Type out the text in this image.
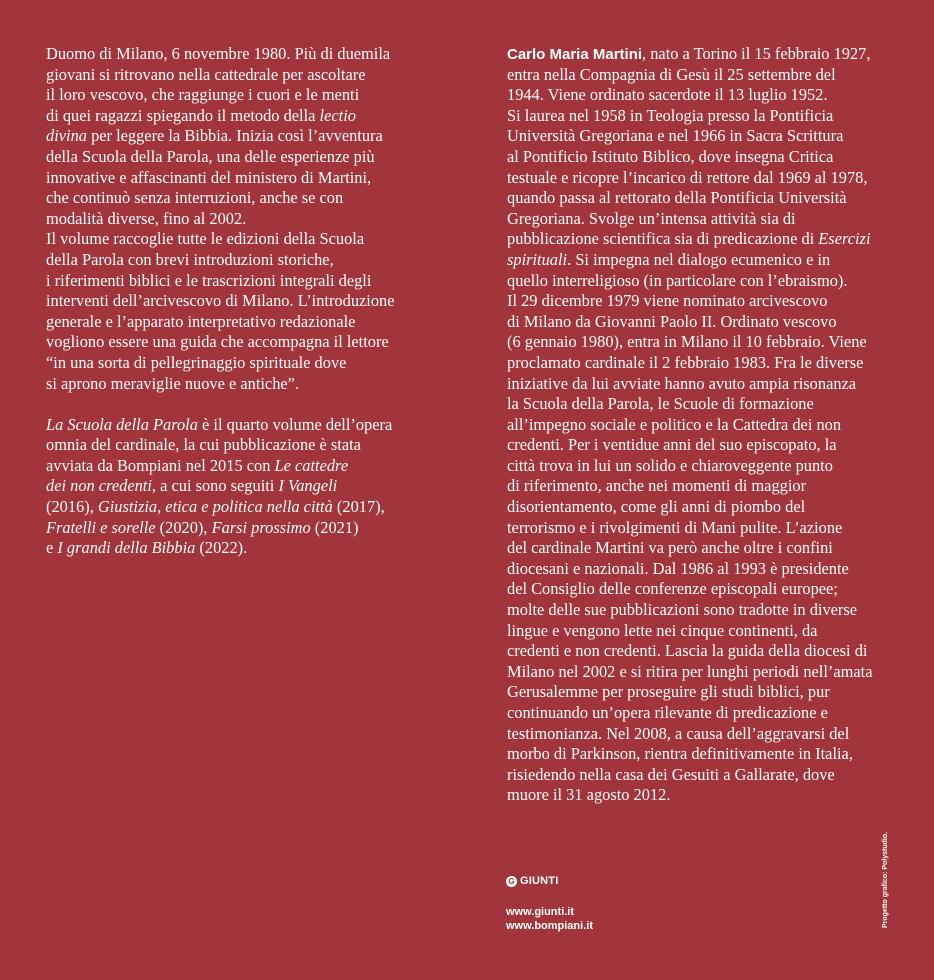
Duomo di Milano, 6 novembre 1980. Più di duemila
giovani si ritrovano nella cattedrale per ascoltare
il loro vescovo, che raggiunge i cuori e le menti
di quei ragazzi spiegando il metodo della lectio
divina per leggere la Bibbia. Inizia così l’avventura
della Scuola della Parola, una delle esperienze più
innovative e affascinanti del ministero di Martini,
che continuò senza interruzioni, anche se con
modalità diverse, fino al 2002.
Il volume raccoglie tutte le edizioni della Scuola
della Parola con brevi introduzioni storiche,
i riferimenti biblici e le trascrizioni integrali degli
interventi dell’arcivescovo di Milano. L’introduzione
generale e l’apparato interpretativo redazionale
vogliono essere una guida che accompagna il lettore
“in una sorta di pellegrinaggio spirituale dove
si aprono meraviglie nuove e antiche”.
La Scuola della Parola è il quarto volume dell’opera
omnia del cardinale, la cui pubblicazione è stata
avviata da Bompiani nel 2015 con Le cattedre
dei non credenti, a cui sono seguiti I Vangeli
(2016), Giustizia, etica e politica nella città (2017),
Fratelli e sorelle (2020), Farsi prossimo (2021)
e I grandi della Bibbia (2022).
Carlo Maria Martini, nato a Torino il 15 febbraio 1927,
entra nella Compagnia di Gesù il 25 settembre del
1944. Viene ordinato sacerdote il 13 luglio 1952.
Si laurea nel 1958 in Teologia presso la Pontificia
Università Gregoriana e nel 1966 in Sacra Scrittura
al Pontificio Istituto Biblico, dove insegna Critica
testuale e ricopre l’incarico di rettore dal 1969 al 1978,
quando passa al rettorato della Pontificia Università
Gregoriana. Svolge un’intensa attività sia di
pubblicazione scientifica sia di predicazione di Esercizi
spirituali. Si impegna nel dialogo ecumenico e in
quello interreligioso (in particolare con l’ebraismo).
Il 29 dicembre 1979 viene nominato arcivescovo
di Milano da Giovanni Paolo II. Ordinato vescovo
(6 gennaio 1980), entra in Milano il 10 febbraio. Viene
proclamato cardinale il 2 febbraio 1983. Fra le diverse
iniziative da lui avviate hanno avuto ampia risonanza
la Scuola della Parola, le Scuole di formazione
all’impegno sociale e politico e la Cattedra dei non
credenti. Per i ventidue anni del suo episcopato, la
città trova in lui un solido e chiaroveggente punto
di riferimento, anche nei momenti di maggior
disorientamento, come gli anni di piombo del
terrorismo e i rivolgimenti di Mani pulite. L’azione
del cardinale Martini va però anche oltre i confini
diocesani e nazionali. Dal 1986 al 1993 è presidente
del Consiglio delle conferenze episcopali europee;
molte delle sue pubblicazioni sono tradotte in diverse
lingue e vengono lette nei cinque continenti, da
credenti e non credenti. Lascia la guida della diocesi di
Milano nel 2002 e si ritira per lunghi periodi nell’amata
Gerusalemme per proseguire gli studi biblici, pur
continuando un’opera rilevante di predicazione e
testimonianza. Nel 2008, a causa dell’aggravarsi del
morbo di Parkinson, rientra definitivamente in Italia,
risiedendo nella casa dei Gesuiti a Gallarate, dove
muore il 31 agosto 2012.
G GIUNTI
www.giunti.it
www.bompiani.it	Progetto grafico: Polystudio.
